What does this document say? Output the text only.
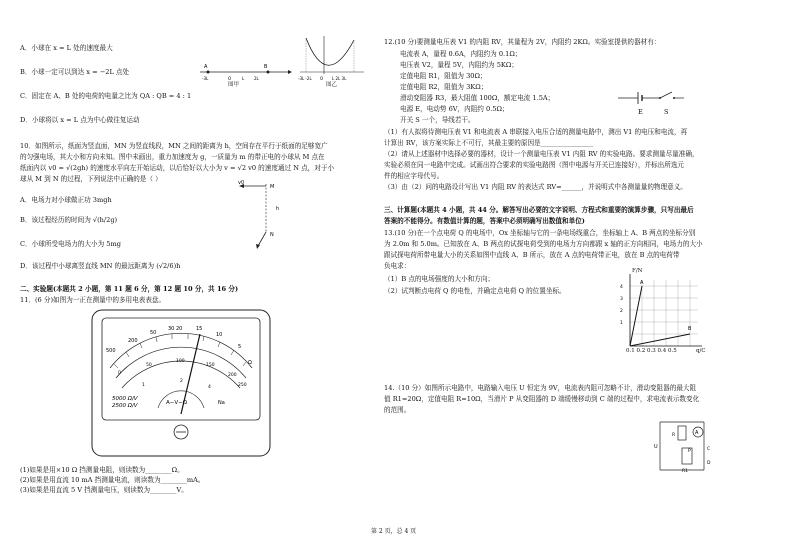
A．小球在 x = L 处的速度最大
B．小球一定可以到达 x = −2L 点处
C．固定在 A、B 处的电荷的电量之比为 QA : QB = 4 : 1
D．小球将以 x = L 点为中心做往复运动
A	B
-3L	O	L 2L
图甲
O
-3L -2L	L 2L 3L
图乙
10．如图所示，纸面为竖直面，MN 为竖直线段，MN 之间的距离为 h，空间存在平行于纸面的足够宽广
的匀强电场，其大小和方向未知。图中未画出，重力加速度为 g，一质量为 m 的带正电的小球从 M 点在
纸面内以 v0 = √(2gh) 的速度水平向左开始运动，以后恰好以大小为 v = √2 v0 的速度通过 N 点，对于小
球从 M 到 N 的过程，下列说法中正确的是（ ）
A．电场力对小球做正功 3mgh
B．该过程经历的时间为 √(h/2g)
C．小球所受电场力的大小为 5mg
D．该过程中小球离竖直线 MN 的最远距离为 (√2/6)h
M
v0
N
h
二、实验题(本题共 2 小题，第 11 题 6 分，第 12 题 10 分，共 16 分)
11．(6 分)如图为一正在测量中的多用电表表盘。
500
200
50
30 20	15
10
5
Ω
0
50
100
150
200
250
1
2
4
5000 Ω/V
2500 Ω/V	A−V−Ω	Na
(1)如果是用×10 Ω 挡测量电阻，则读数为________Ω。
(2)如果是用直流 10 mA 挡测量电流，则读数为________mA。
(3)如果是用直流 5 V 挡测量电压，则读数为________V。
12.(10 分)要测量电压表 V1 的内阻 RV，其量程为 2V，内阻约 2KΩ。实验室提供的器材有：
电流表 A，量程 0.6A，内阻约为 0.1Ω；
电压表 V2，量程 5V，内阻约为 5KΩ；
定值电阻 R1，阻值为 30Ω；
定值电阻 R2，阻值为 3KΩ；
滑动变阻器 R3，最大阻值 100Ω，额定电流 1.5A；
电源 E，电动势 6V，内阻约 0.5Ω；
开关 S 一个，导线若干。
E	S
（1）有人拟将待测电压表 V1 和电流表 A 串联接入电压合适的测量电路中，测出 V1 的电压和电流，再
计算出 RV，该方案实际上不可行，其最主要的原因是________________
（2）请从上述器材中选择必要的器材，设计一个测量电压表 V1 内阻 RV 的实验电路。要求测量尽量准确，
实验必须在同一电路中完成。试画出符合要求的实验电路图（图中电源与开关已连接好），并标出所选元
件的相应字母代号。
（3）由（2）问的电路设计写出 V1 内阻 RV 的表达式 RV=______，并说明式中各测量量的物理意义。
三、计算题(本题共 4 小题，共 44 分。解答写出必要的文字说明、方程式和重要的演算步骤，只写出最后
答案的不能得分。有数值计算的题，答案中必须明确写出数值和单位)
13.(10 分)在一个点电荷 Q 的电场中，Ox 坐标轴与它的一条电场线重合，坐标轴上 A、B 两点的坐标分别
为 2.0m 和 5.0m。已知放在 A、B 两点的试探电荷受到的电场力方向都跟 x 轴的正方向相同，电场力的大小
跟试探电荷所带电量大小的关系如图中直线 A、B 所示，放在 A 点的电荷带正电，放在 B 点的电荷带
负电求：
（1）B 点的电场强度的大小和方向；
（2）试判断点电荷 Q 的电性，并确定点电荷 Q 的位置坐标。
A
B
4
3
2
1
F/N
0.1 0.2 0.3 0.4 0.5	q/C
14.（10 分）如图所示电路中，电路输入电压 U 恒定为 9V，电流表内阻可忽略不计，滑动变阻器的最大阻
值 R1=20Ω，定值电阻 R=10Ω，当滑片 P 从变阻器的 D 端缓慢移动到 C 端的过程中，求电流表示数变化
的范围。
U
R	A
P
R1
C
D
第 2 页，总 4 页
